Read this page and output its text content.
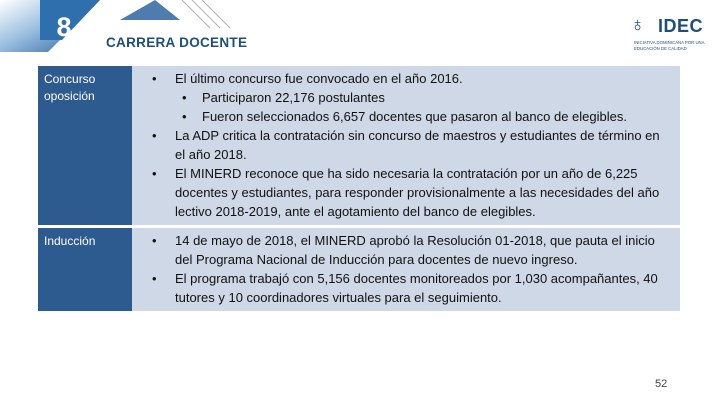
8
CARRERA DOCENTE
♁ IDEC
INICIATIVA DOMINICANA POR UNA EDUCACIÓN DE CALIDAD
Concurso oposición
• El último concurso fue convocado en el año 2016.
• Participaron 22,176 postulantes
• Fueron seleccionados 6,657 docentes que pasaron al banco de elegibles.
• La ADP critica la contratación sin concurso de maestros y estudiantes de término en el año 2018.
• El MINERD reconoce que ha sido necesaria la contratación por un año de 6,225 docentes y estudiantes, para responder provisionalmente a las necesidades del año lectivo 2018-2019, ante el agotamiento del banco de elegibles.
Inducción
•	14 de mayo de 2018, el MINERD aprobó la Resolución 01-2018, que pauta el inicio del Programa Nacional de Inducción para docentes de nuevo ingreso.
• El programa trabajó con 5,156 docentes monitoreados por 1,030 acompañantes, 40 tutores y 10 coordinadores virtuales para el seguimiento.
52
